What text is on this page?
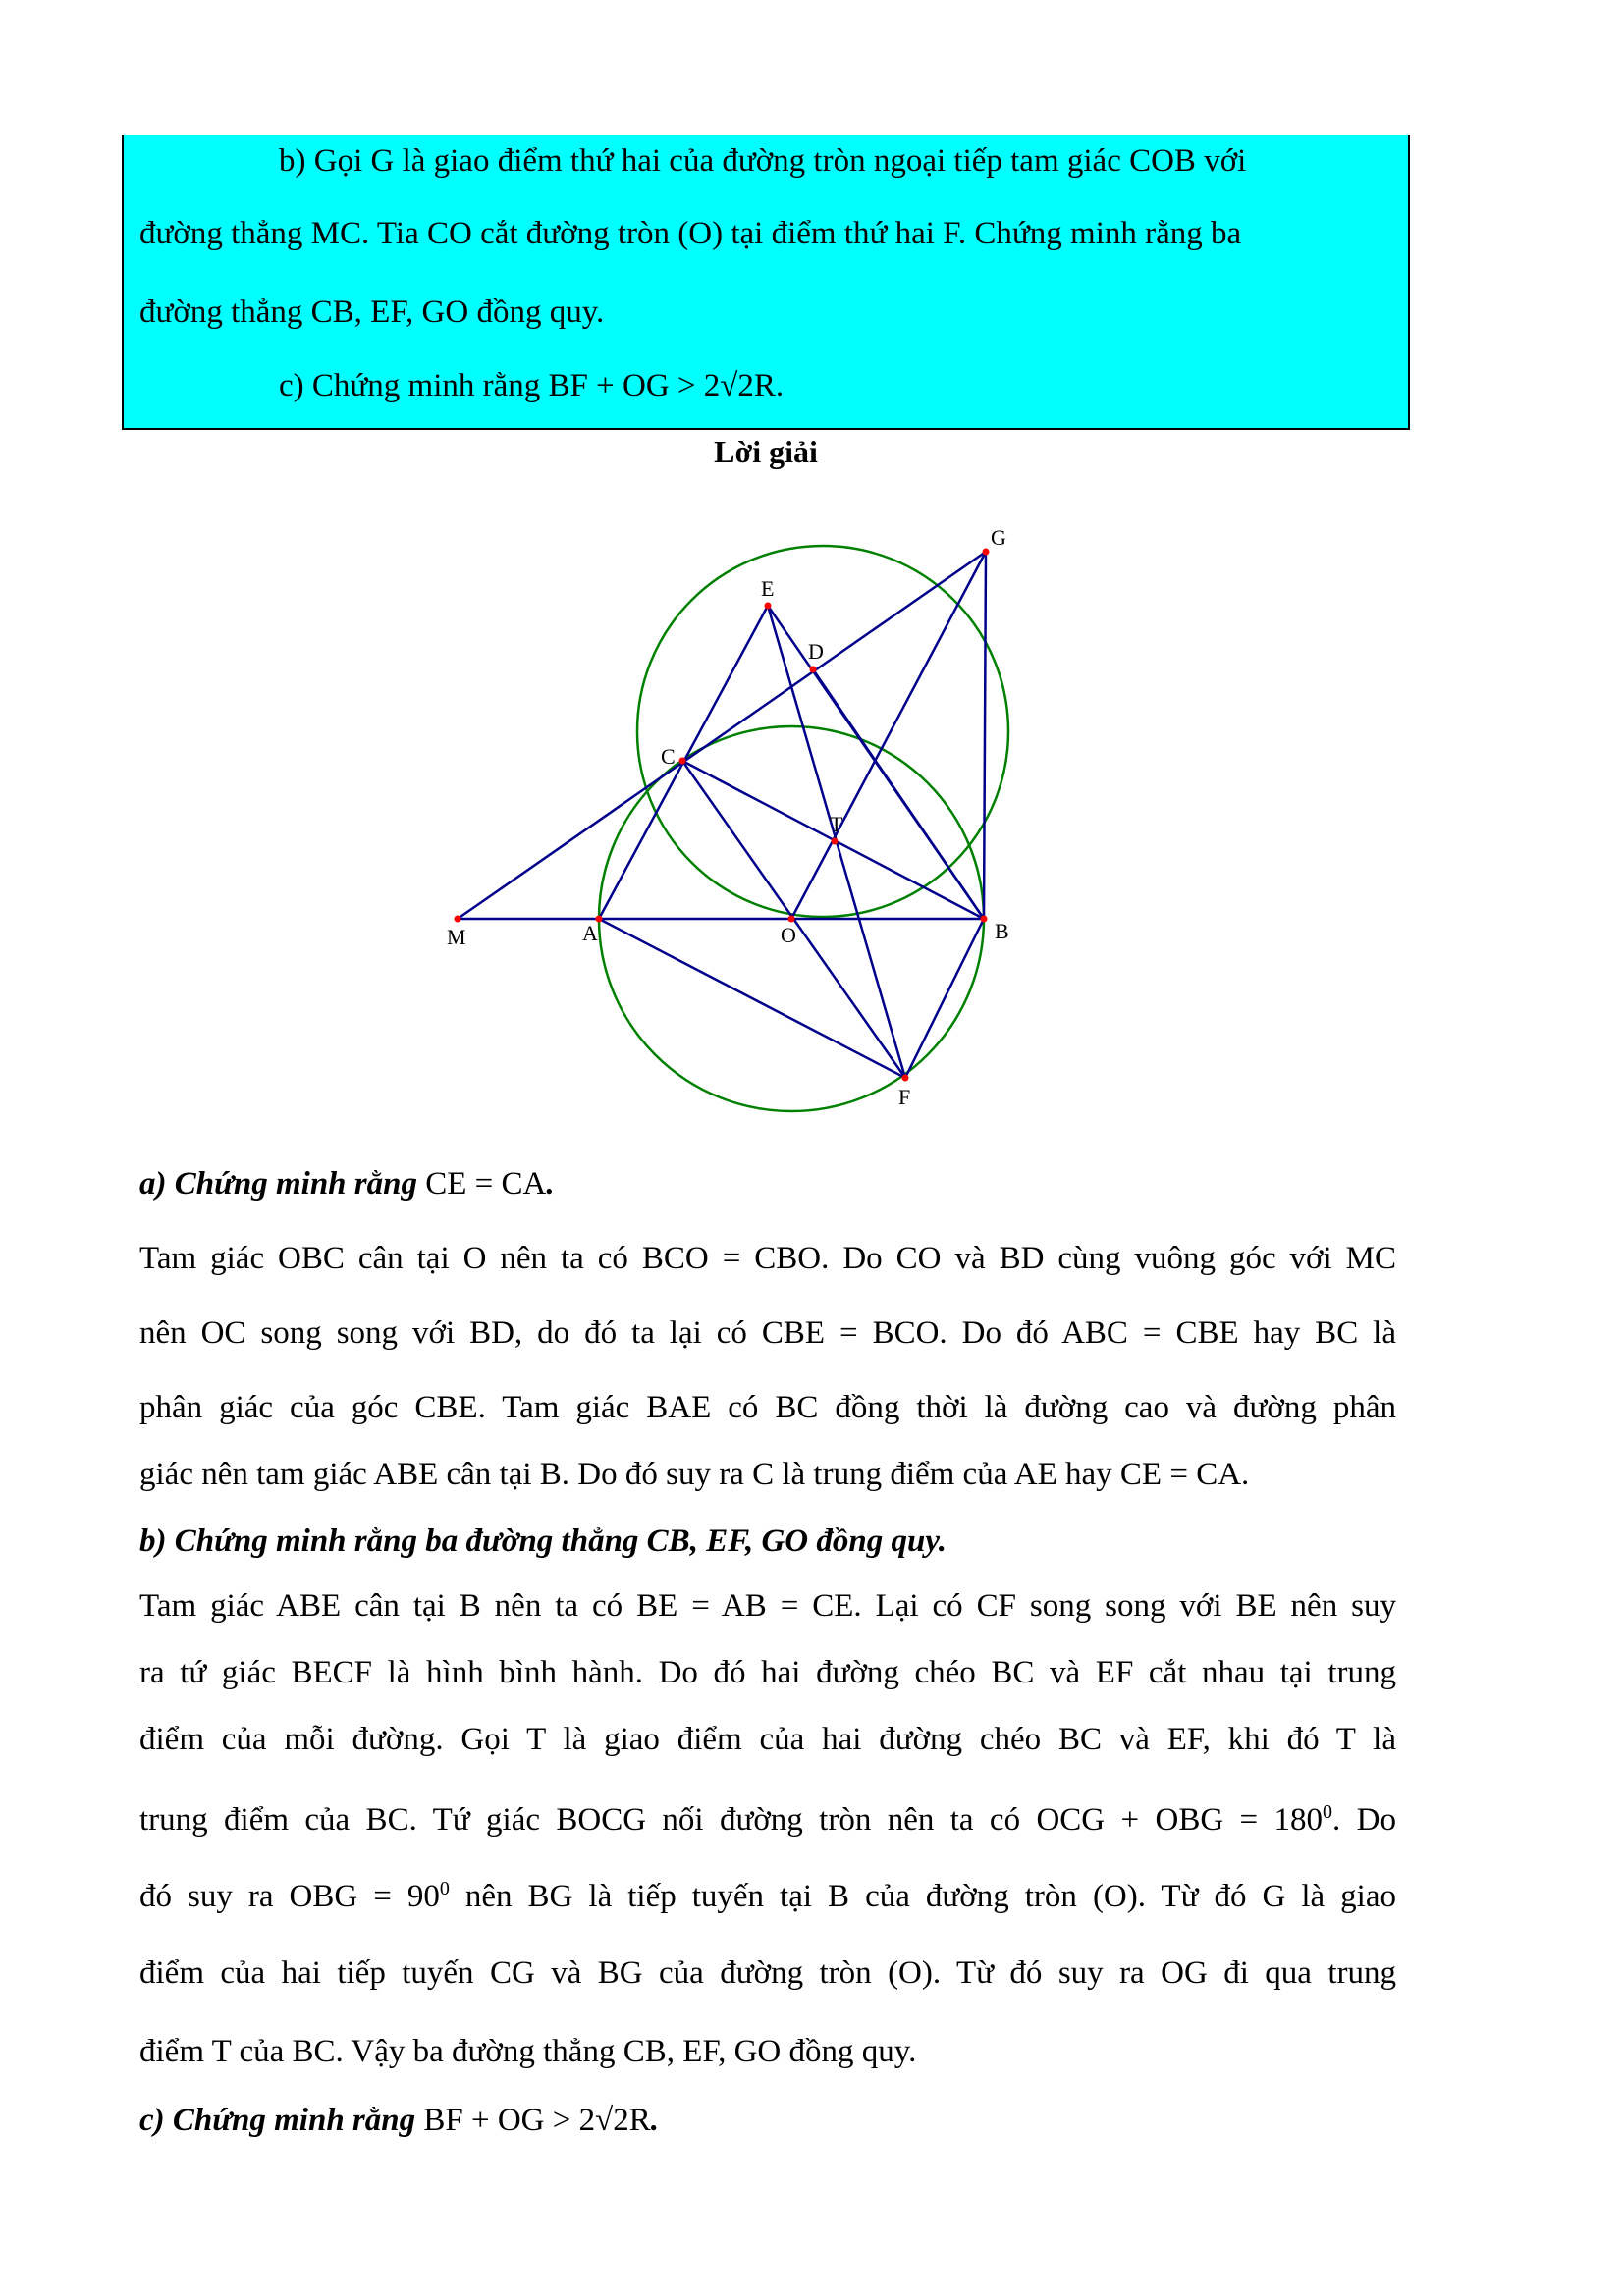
b) Gọi G là giao điểm thứ hai của đường tròn ngoại tiếp tam giác COB với
đường thẳng MC. Tia CO cắt đường tròn (O) tại điểm thứ hai F. Chứng minh rằng ba
đường thẳng CB, EF, GO đồng quy.
c) Chứng minh rằng BF + OG > 2√2R.
Lời giải
G
E
D
C
T
M	A	O	B
F
a) Chứng minh rằng CE = CA.
Tam giác OBC cân tại O nên ta có BCO = CBO. Do CO và BD cùng vuông góc với MC
nên OC song song với BD, do đó ta lại có CBE = BCO. Do đó ABC = CBE hay BC là
phân giác của góc CBE. Tam giác BAE có BC đồng thời là đường cao và đường phân
giác nên tam giác ABE cân tại B. Do đó suy ra C là trung điểm của AE hay CE = CA.
b) Chứng minh rằng ba đường thẳng CB, EF, GO đồng quy.
Tam giác ABE cân tại B nên ta có BE = AB = CE. Lại có CF song song với BE nên suy
ra tứ giác BECF là hình bình hành. Do đó hai đường chéo BC và EF cắt nhau tại trung
điểm của mỗi đường. Gọi T là giao điểm của hai đường chéo BC và EF, khi đó T là
trung điểm của BC. Tứ giác BOCG nối đường tròn nên ta có OCG + OBG = $180^0$. Do
đó suy ra OBG = $90^0$ nên BG là tiếp tuyến tại B của đường tròn (O). Từ đó G là giao
điểm của hai tiếp tuyến CG và BG của đường tròn (O). Từ đó suy ra OG đi qua trung
điểm T của BC. Vậy ba đường thẳng CB, EF, GO đồng quy.
c) Chứng minh rằng BF + OG > 2√2R.
